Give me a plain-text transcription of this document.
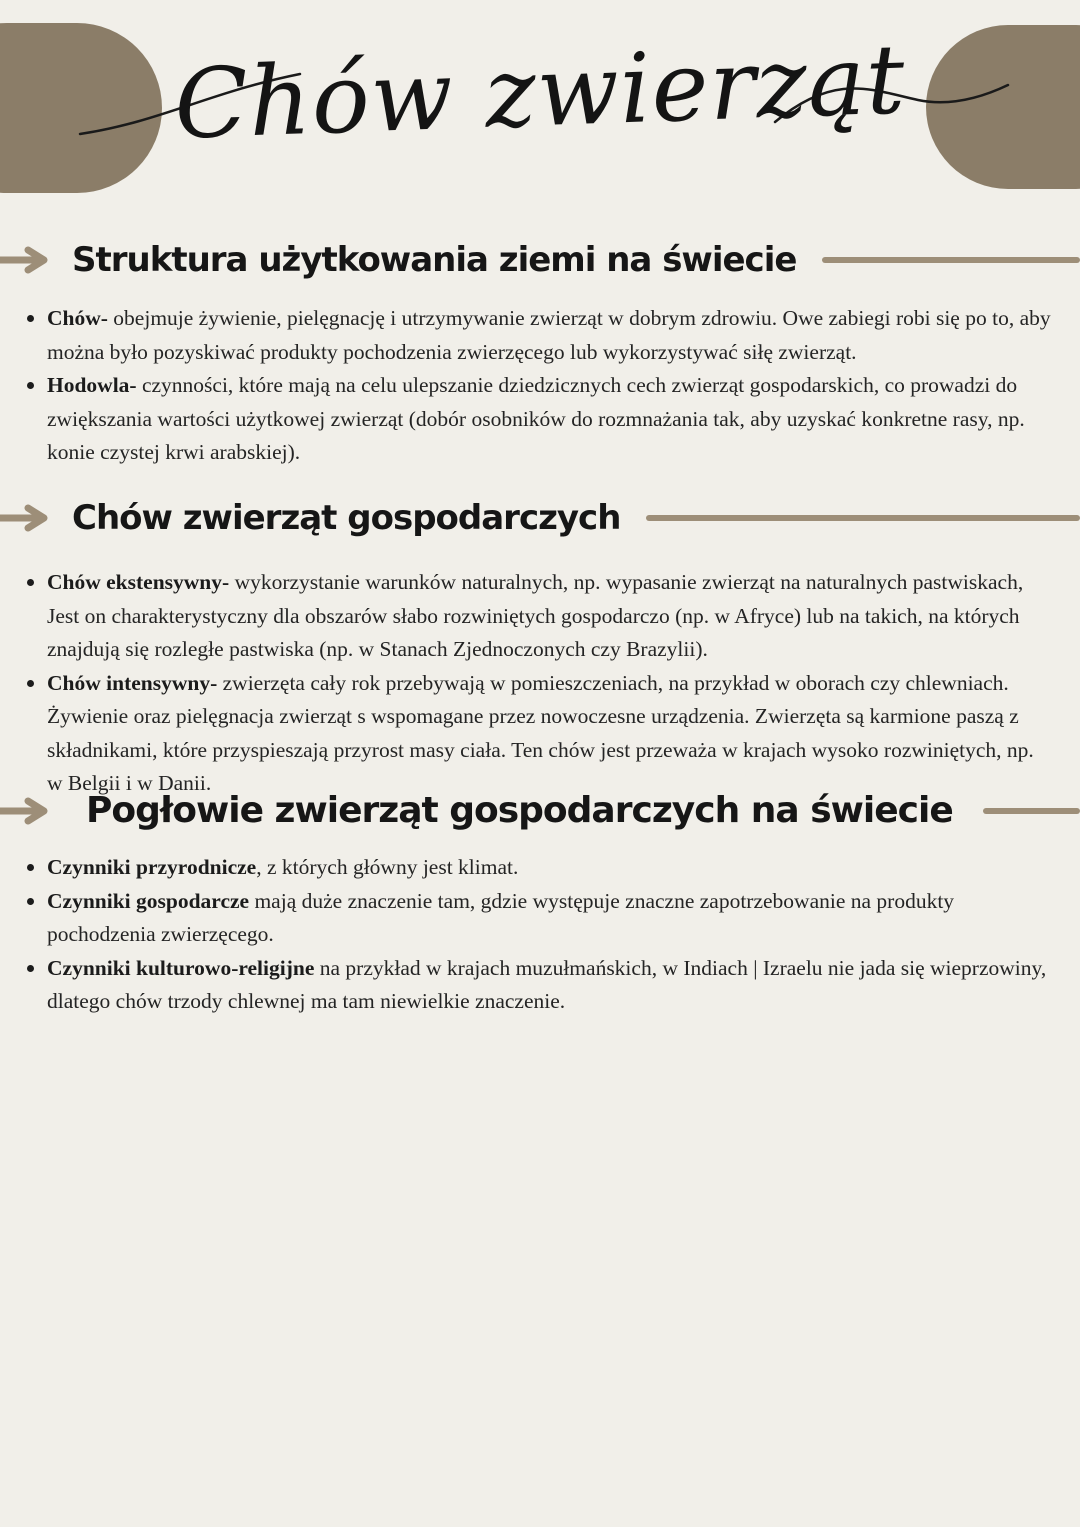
Chów zwierząt
Struktura użytkowania ziemi na świecie
Chów- obejmuje żywienie, pielęgnację i utrzymywanie zwierząt w dobrym zdrowiu. Owe zabiegi robi się po to, aby można było pozyskiwać produkty pochodzenia zwierzęcego lub wykorzystywać siłę zwierząt.
Hodowla- czynności, które mają na celu ulepszanie dziedzicznych cech zwierząt gospodarskich, co prowadzi do zwiększania wartości użytkowej zwierząt (dobór osobników do rozmnażania tak, aby uzyskać konkretne rasy, np. konie czystej krwi arabskiej).
Chów zwierząt gospodarczych
Chów ekstensywny- wykorzystanie warunków naturalnych, np. wypasanie zwierząt na naturalnych pastwiskach, Jest on charakterystyczny dla obszarów słabo rozwiniętych gospodarczo (np. w Afryce) lub na takich, na których znajdują się rozległe pastwiska (np. w Stanach Zjednoczonych czy Brazylii).
Chów intensywny- zwierzęta cały rok przebywają w pomieszczeniach, na przykład w oborach czy chlewniach. Żywienie oraz pielęgnacja zwierząt s wspomagane przez nowoczesne urządzenia. Zwierzęta są karmione paszą z składnikami, które przyspieszają przyrost masy ciała. Ten chów jest przeważa w krajach wysoko rozwiniętych, np. w Belgii i w Danii.
Pogłowie zwierząt gospodarczych na świecie
Czynniki przyrodnicze, z których główny jest klimat.
Czynniki gospodarcze mają duże znaczenie tam, gdzie występuje znaczne zapotrzebowanie na produkty pochodzenia zwierzęcego.
Czynniki kulturowo-religijne na przykład w krajach muzułmańskich, w Indiach | Izraelu nie jada się wieprzowiny, dlatego chów trzody chlewnej ma tam niewielkie znaczenie.
